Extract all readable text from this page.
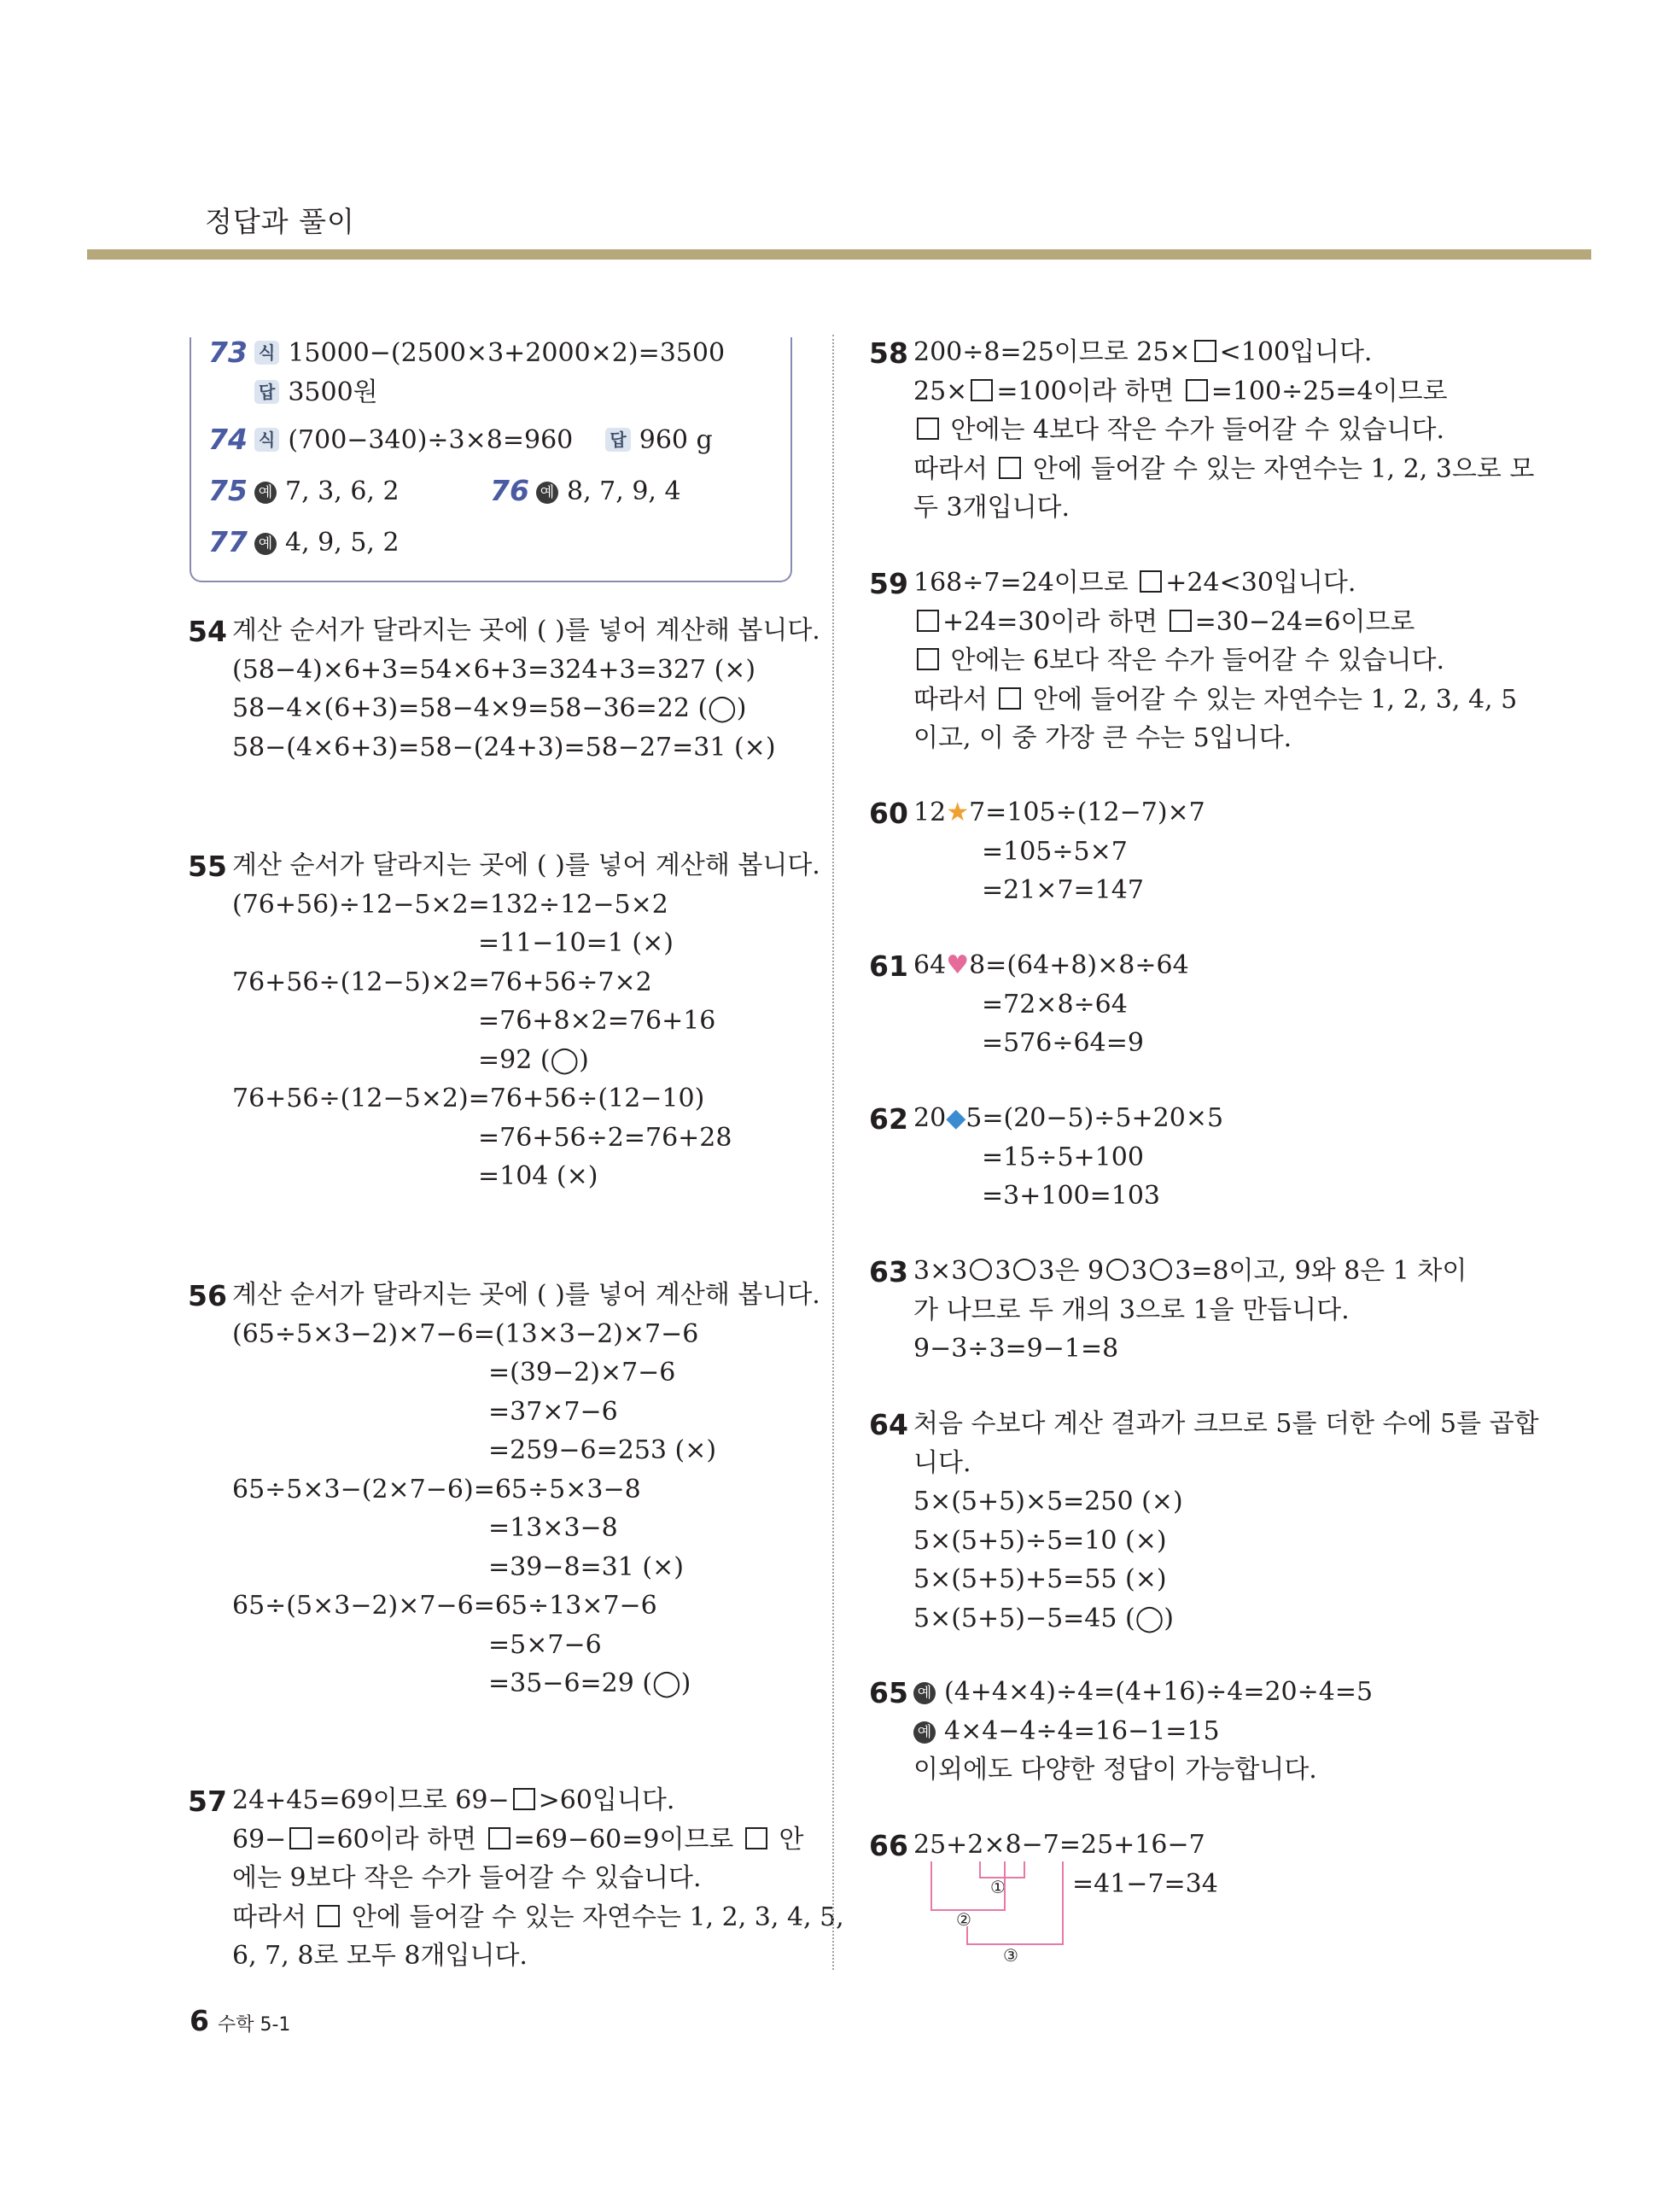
정답과 풀이
73 식 15000−(2500×3+2000×2)=3500
답 3500원
74 식 (700−340)÷3×8=960 답 960 g
75 예 7, 3, 6, 2	76 예 8, 7, 9, 4
77 예 4, 9, 5, 2
54 계산 순서가 달라지는 곳에 ( )를 넣어 계산해 봅니다.
(58−4)×6+3=54×6+3=324+3=327 (×)
58−4×(6+3)=58−4×9=58−36=22 (◯)
58−(4×6+3)=58−(24+3)=58−27=31 (×)
55 계산 순서가 달라지는 곳에 ( )를 넣어 계산해 봅니다.
(76+56)÷12−5×2=132÷12−5×2
=11−10=1 (×)
76+56÷(12−5)×2=76+56÷7×2
=76+8×2=76+16
=92 (◯)
76+56÷(12−5×2)=76+56÷(12−10)
=76+56÷2=76+28
=104 (×)
56 계산 순서가 달라지는 곳에 ( )를 넣어 계산해 봅니다.
(65÷5×3−2)×7−6=(13×3−2)×7−6
=(39−2)×7−6
=37×7−6
=259−6=253 (×)
65÷5×3−(2×7−6)=65÷5×3−8
=13×3−8
=39−8=31 (×)
65÷(5×3−2)×7−6=65÷13×7−6
=5×7−6
=35−6=29 (◯)
57 24+45=69이므로 69− >60입니다.
69− =60이라 하면 =69−60=9이므로  안
에는 9보다 작은 수가 들어갈 수 있습니다.
따라서  안에 들어갈 수 있는 자연수는 1, 2, 3, 4, 5,
6, 7, 8로 모두 8개입니다.
58 200÷8=25이므로 25× <100입니다.
25× =100이라 하면 =100÷25=4이므로
안에는 4보다 작은 수가 들어갈 수 있습니다.
따라서  안에 들어갈 수 있는 자연수는 1, 2, 3으로 모
두 3개입니다.
59 168÷7=24이므로 +24<30입니다.
+24=30이라 하면 =30−24=6이므로
안에는 6보다 작은 수가 들어갈 수 있습니다.
따라서  안에 들어갈 수 있는 자연수는 1, 2, 3, 4, 5
이고, 이 중 가장 큰 수는 5입니다.
60 12★7=105÷(12−7)×7
=105÷5×7
=21×7=147
61 64♥8=(64+8)×8÷64
=72×8÷64
=576÷64=9
62 20◆5=(20−5)÷5+20×5
=15÷5+100
=3+100=103
63 3×3 3 3은 9 3 3=8이고, 9와 8은 1 차이
가 나므로 두 개의 3으로 1을 만듭니다.
9−3÷3=9−1=8
64 처음 수보다 계산 결과가 크므로 5를 더한 수에 5를 곱합
니다.
5×(5+5)×5=250 (×)
5×(5+5)÷5=10 (×)
5×(5+5)+5=55 (×)
5×(5+5)−5=45 (◯)
65 예 (4+4×4)÷4=(4+16)÷4=20÷4=5
예 4×4−4÷4=16−1=15
이외에도 다양한 정답이 가능합니다.
66 25+2×8−7=25+16−7
=41−7=34
①
②
③
6 수학 5-1
